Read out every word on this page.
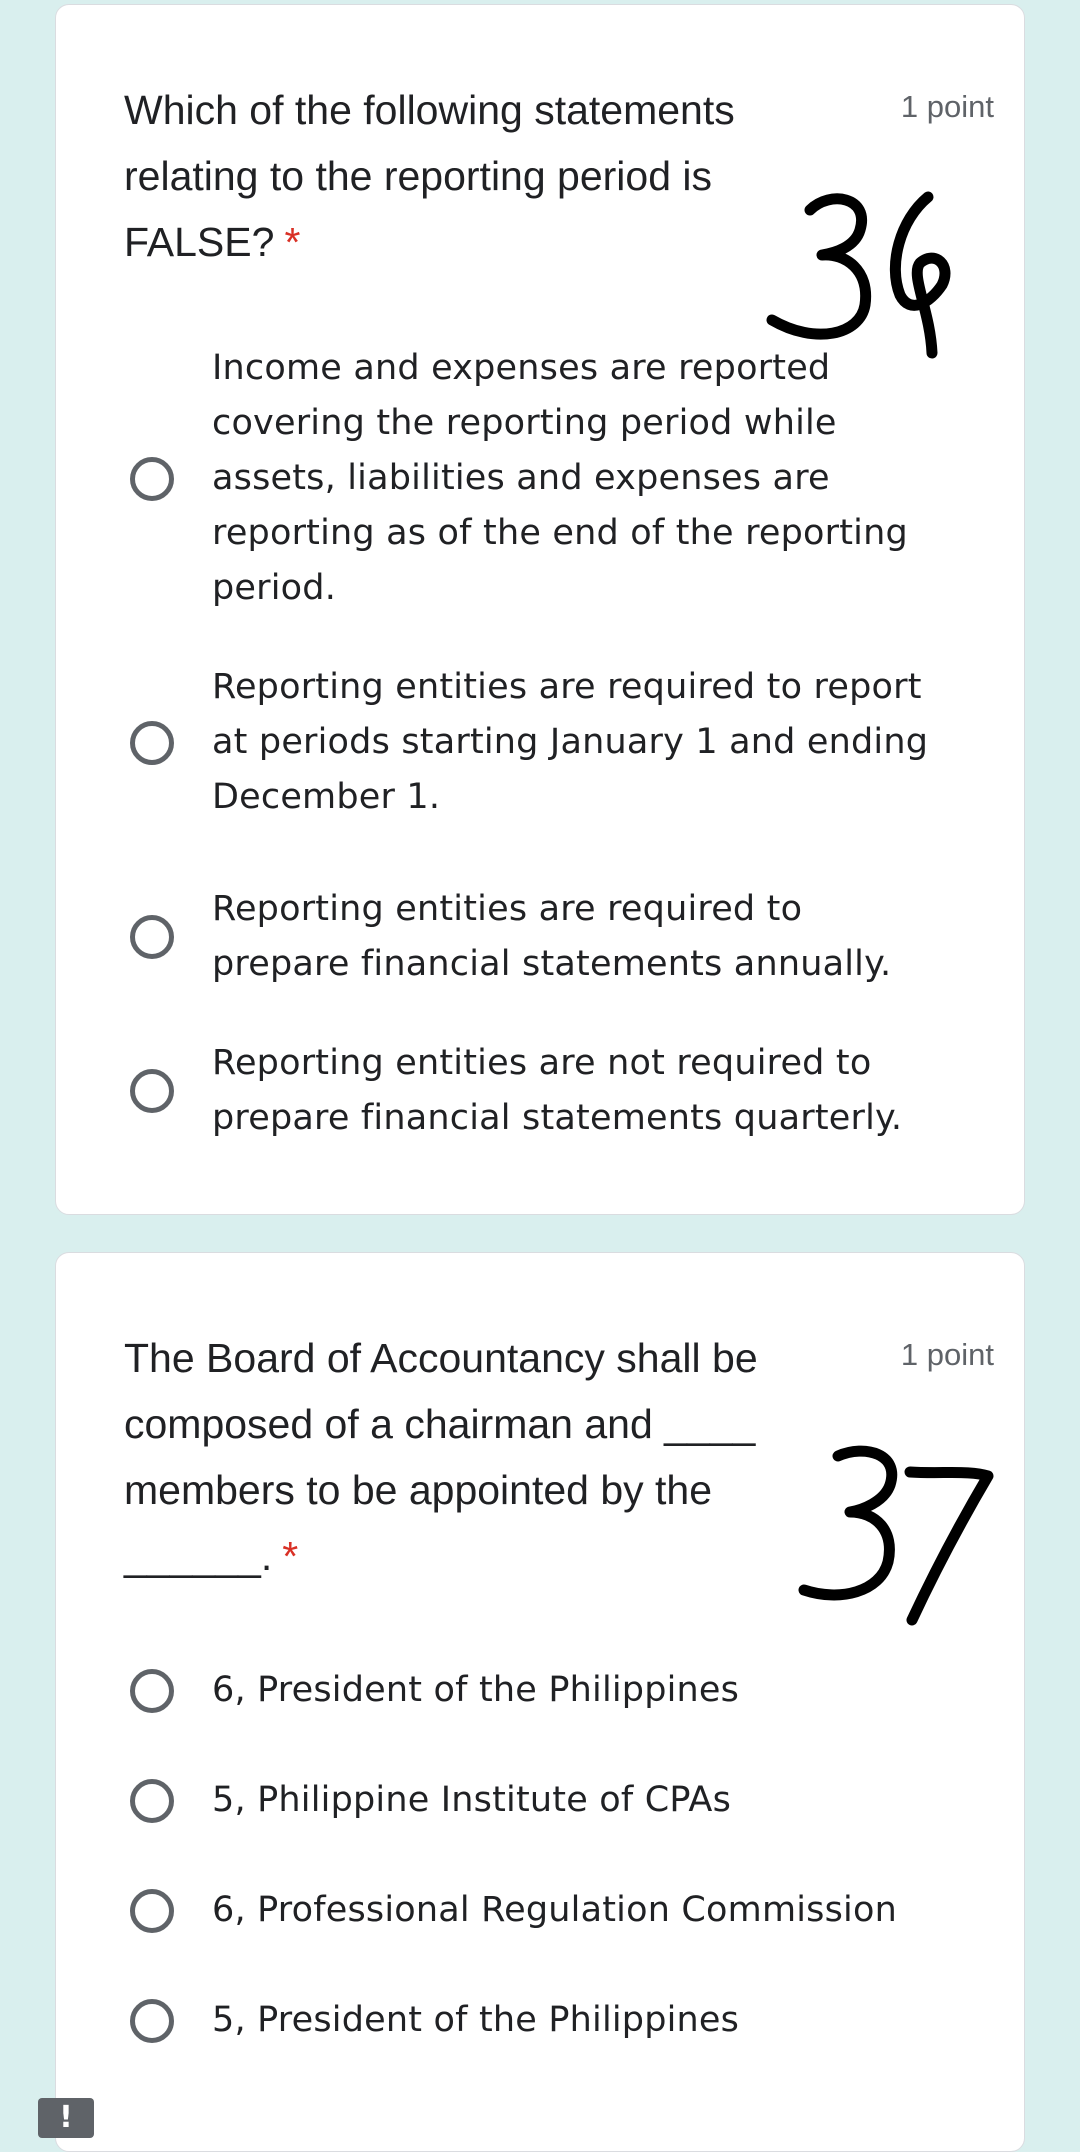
Which of the following statements relating to the reporting period is FALSE? *
1 point
Income and expenses are reported covering the reporting period while assets, liabilities and expenses are reporting as of the end of the reporting period.
Reporting entities are required to report at periods starting January 1 and ending December 1.
Reporting entities are required to prepare financial statements annually.
Reporting entities are not required to prepare financial statements quarterly.
The Board of Accountancy shall be composed of a chairman and ____ members to be appointed by the ______. *
1 point
6, President of the Philippines
5, Philippine Institute of CPAs
6, Professional Regulation Commission
5, President of the Philippines
!
